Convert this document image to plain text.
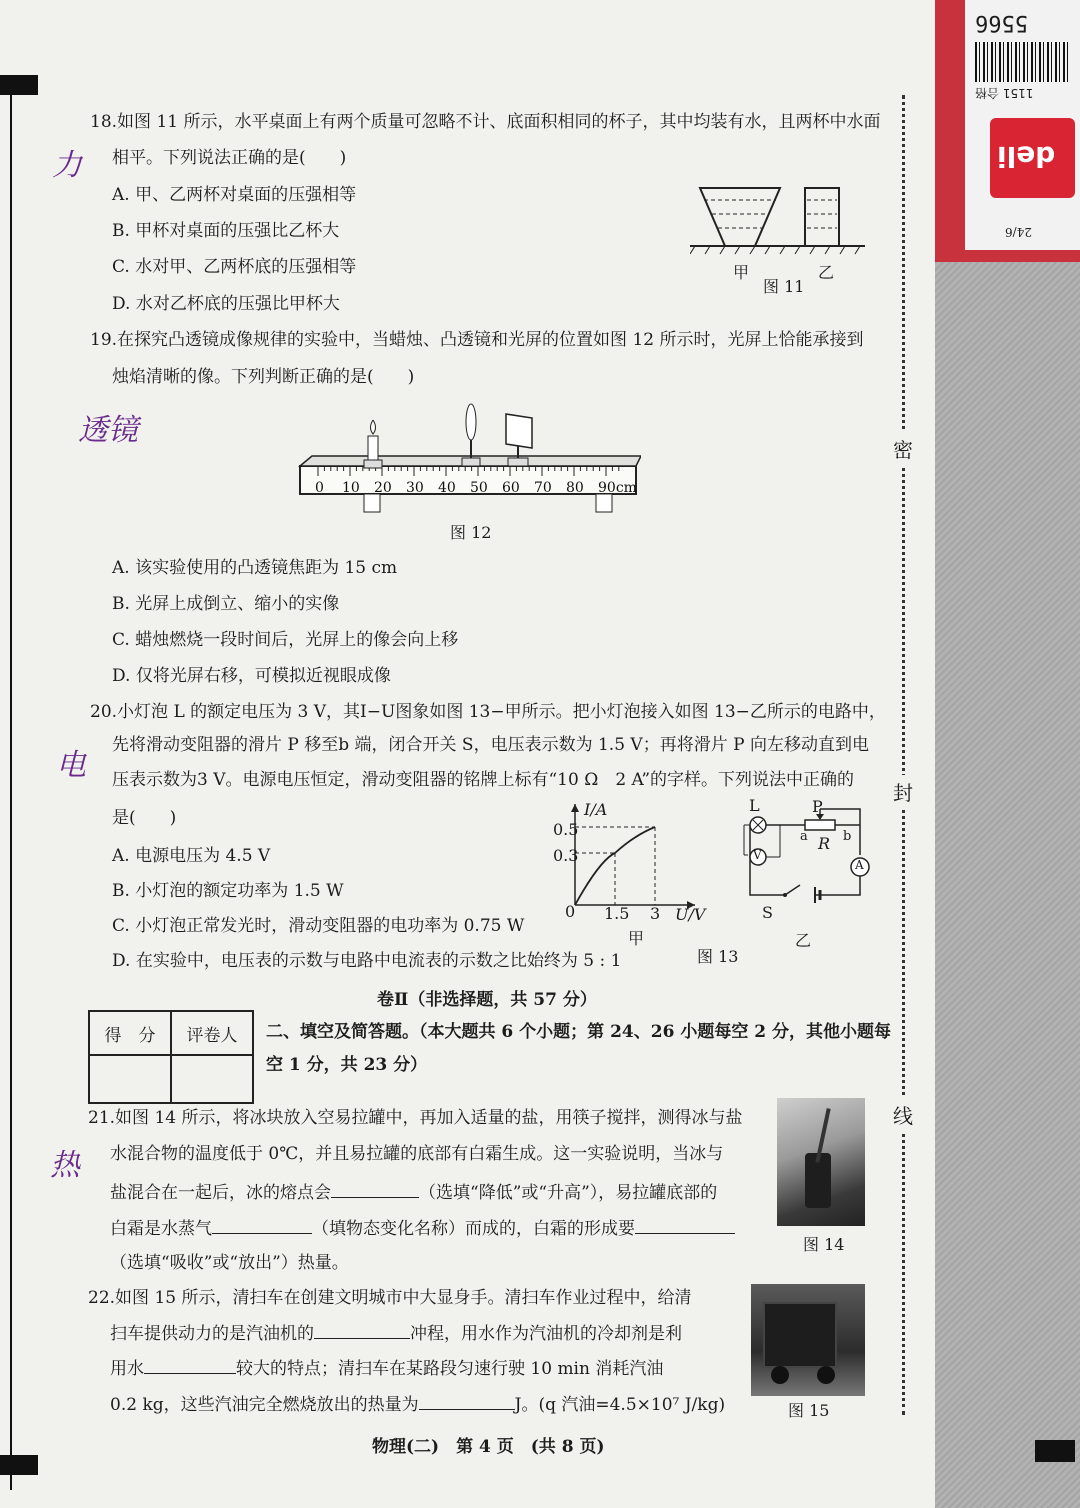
5566
1151 合格
deli
24/6
密
封
线
力
透镜
电
热
18.如图 11 所示，水平桌面上有两个质量可忽略不计、底面积相同的杯子，其中均装有水，且两杯中水面
相平。下列说法正确的是(　　)
A. 甲、乙两杯对桌面的压强相等
B. 甲杯对桌面的压强比乙杯大
C. 水对甲、乙两杯底的压强相等
D. 水对乙杯底的压强比甲杯大
甲	乙
图 11
19.在探究凸透镜成像规律的实验中，当蜡烛、凸透镜和光屏的位置如图 12 所示时，光屏上恰能承接到
烛焰清晰的像。下列判断正确的是(　　)
0 10 20 30 40 50 60 70 80 90cm
图 12
A. 该实验使用的凸透镜焦距为 15 cm
B. 光屏上成倒立、缩小的实像
C. 蜡烛燃烧一段时间后，光屏上的像会向上移
D. 仅将光屏右移，可模拟近视眼成像
20.小灯泡 L 的额定电压为 3 V，其I−U图象如图 13−甲所示。把小灯泡接入如图 13−乙所示的电路中，
先将滑动变阻器的滑片 P 移至b 端，闭合开关 S，电压表示数为 1.5 V；再将滑片 P 向左移动直到电
压表示数为3 V。电源电压恒定，滑动变阻器的铭牌上标有“10 Ω　2 A”的字样。下列说法中正确的
是(　　)
A. 电源电压为 4.5 V
B. 小灯泡的额定功率为 1.5 W
C. 小灯泡正常发光时，滑动变阻器的电功率为 0.75 W
D. 在实验中，电压表的示数与电路中电流表的示数之比始终为 5 : 1
I/A
0.5
0.3
0 1.5 3 U/V
甲
L	P
a	b
R
V
A
S
乙
图 13
卷Ⅱ（非选择题，共 57 分）
得　分	评卷人
	二、填空及简答题。（本大题共 6 个小题；第 24、26 小题每空 2 分，其他小题每
空 1 分，共 23 分）
21.如图 14 所示，将冰块放入空易拉罐中，再加入适量的盐，用筷子搅拌，测得冰与盐
水混合物的温度低于 0℃，并且易拉罐的底部有白霜生成。这一实验说明，当冰与
盐混合在一起后，冰的熔点会	（选填“降低”或“升高”），易拉罐底部的
白霜是水蒸气	（填物态变化名称）而成的，白霜的形成要
（选填“吸收”或“放出”）热量。
图 14
22.如图 15 所示，清扫车在创建文明城市中大显身手。清扫车作业过程中，给清
扫车提供动力的是汽油机的	冲程，用水作为汽油机的冷却剂是利
用水	较大的特点；清扫车在某路段匀速行驶 10 min 消耗汽油
0.2 kg，这些汽油完全燃烧放出的热量为	J。(q 汽油=4.5×10⁷ J/kg)	图 15
物理(二)　第 4 页　(共 8 页)
